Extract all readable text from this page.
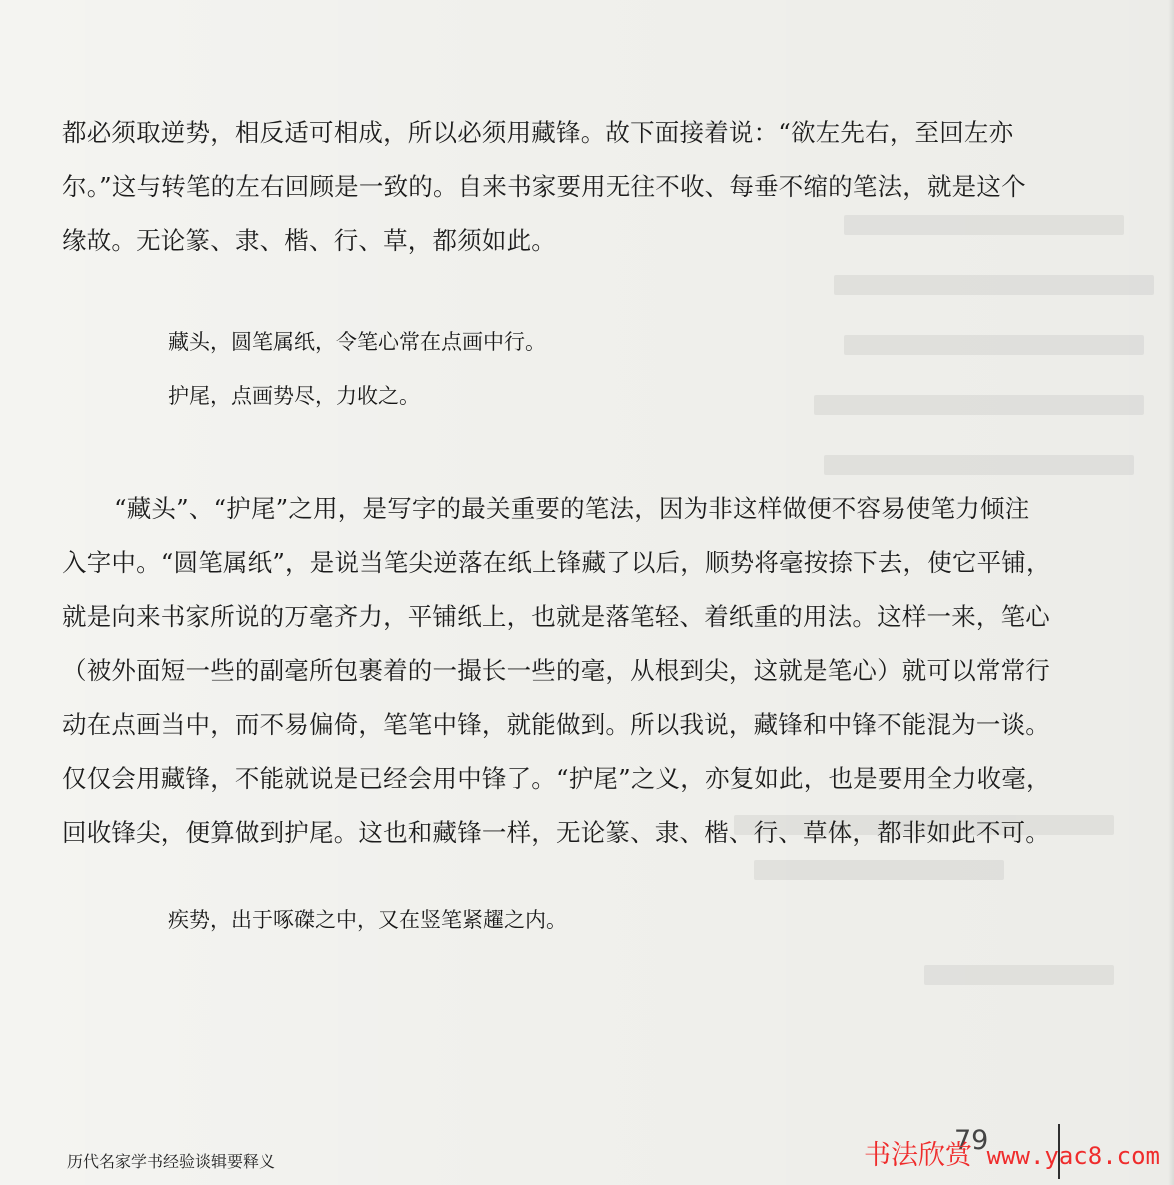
都必须取逆势，相反适可相成，所以必须用藏锋。故下面接着说：“欲左先右，至回左亦
尔。”这与转笔的左右回顾是一致的。自来书家要用无往不收、每垂不缩的笔法，就是这个
缘故。无论篆、隶、楷、行、草，都须如此。
藏头，圆笔属纸，令笔心常在点画中行。
护尾，点画势尽，力收之。
“藏头”、“护尾”之用，是写字的最关重要的笔法，因为非这样做便不容易使笔力倾注
入字中。“圆笔属纸”，是说当笔尖逆落在纸上锋藏了以后，顺势将毫按捺下去，使它平铺，
就是向来书家所说的万毫齐力，平铺纸上，也就是落笔轻、着纸重的用法。这样一来，笔心
（被外面短一些的副毫所包裹着的一撮长一些的毫，从根到尖，这就是笔心）就可以常常行
动在点画当中，而不易偏倚，笔笔中锋，就能做到。所以我说，藏锋和中锋不能混为一谈。
仅仅会用藏锋，不能就说是已经会用中锋了。“护尾”之义，亦复如此，也是要用全力收毫，
回收锋尖，便算做到护尾。这也和藏锋一样，无论篆、隶、楷、行、草体，都非如此不可。
疾势，出于啄磔之中，又在竖笔紧趯之内。
历代名家学书经验谈辑要释义
79
书法欣赏 www.yac8.com
